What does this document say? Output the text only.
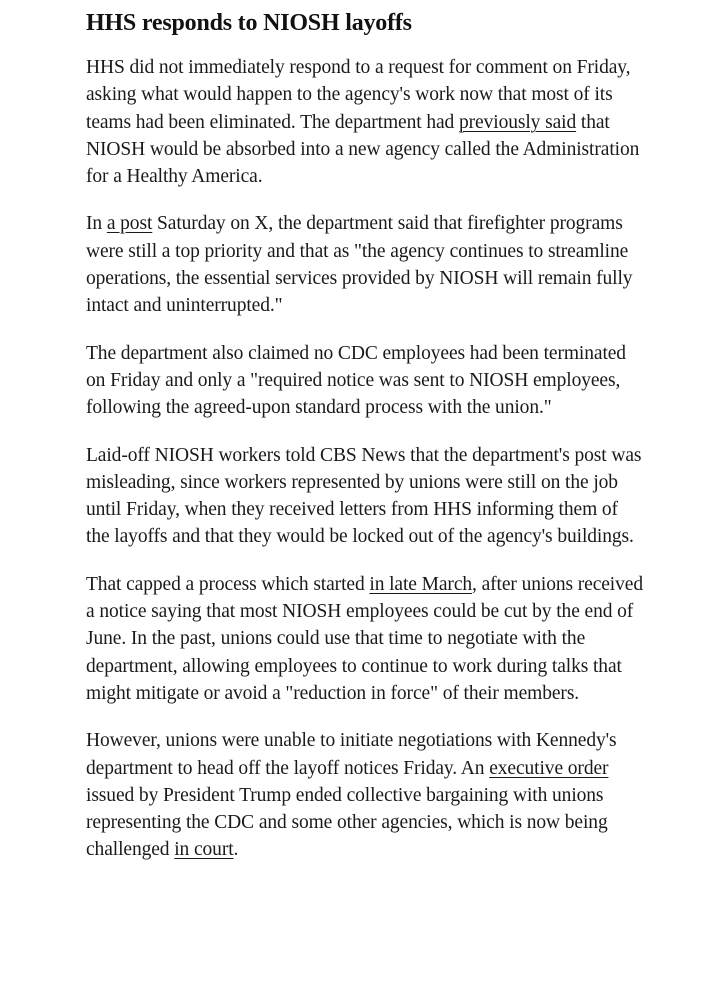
HHS responds to NIOSH layoffs

HHS did not immediately respond to a request for comment on Friday, asking what would happen to the agency's work now that most of its teams had been eliminated. The department had previously said that NIOSH would be absorbed into a new agency called the Administration for a Healthy America.

In a post Saturday on X, the department said that firefighter programs were still a top priority and that as "the agency continues to streamline operations, the essential services provided by NIOSH will remain fully intact and uninterrupted."

The department also claimed no CDC employees had been terminated on Friday and only a "required notice was sent to NIOSH employees, following the agreed-upon standard process with the union."

Laid-off NIOSH workers told CBS News that the department's post was misleading, since workers represented by unions were still on the job until Friday, when they received letters from HHS informing them of the layoffs and that they would be locked out of the agency's buildings.

That capped a process which started in late March, after unions received a notice saying that most NIOSH employees could be cut by the end of June. In the past, unions could use that time to negotiate with the department, allowing employees to continue to work during talks that might mitigate or avoid a "reduction in force" of their members.

However, unions were unable to initiate negotiations with Kennedy's department to head off the layoff notices Friday. An executive order issued by President Trump ended collective bargaining with unions representing the CDC and some other agencies, which is now being challenged in court.
